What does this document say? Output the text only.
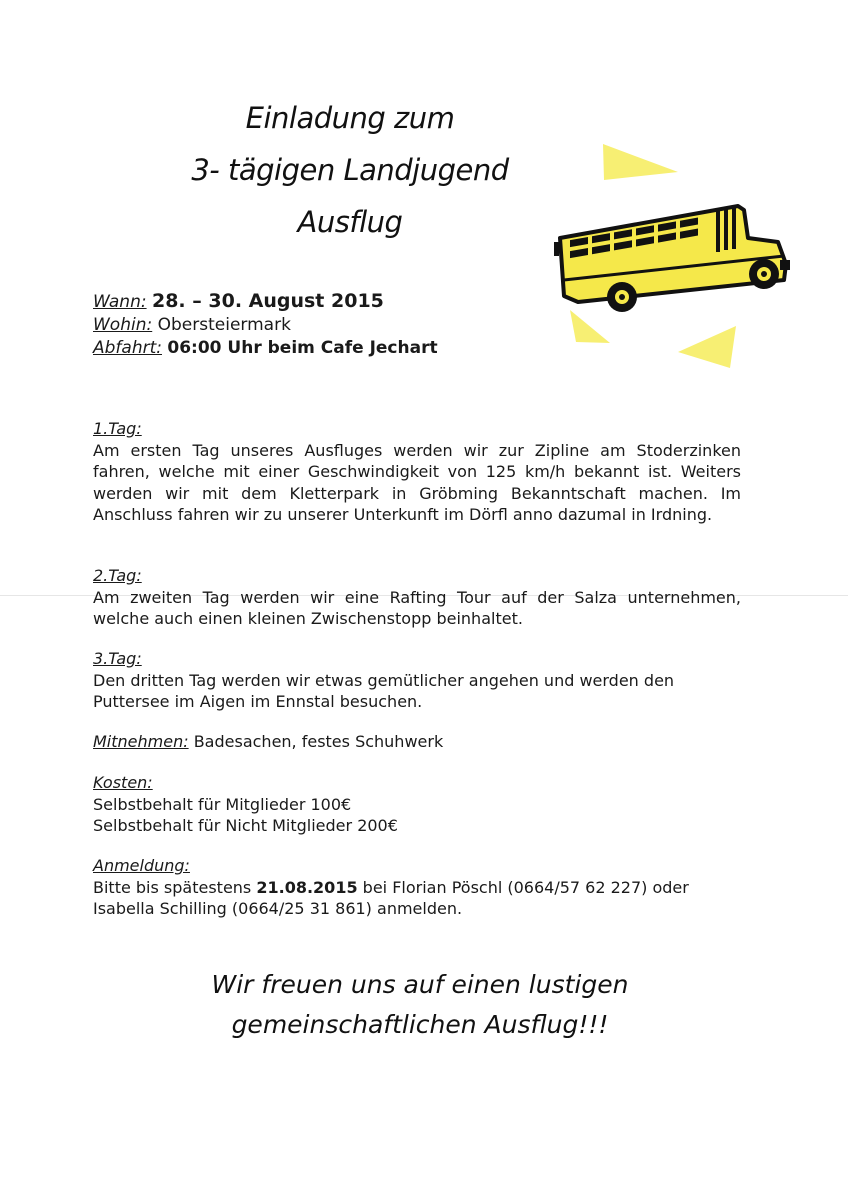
Einladung zum
3- tägigen Landjugend
Ausflug
Wann: 28. – 30. August 2015
Wohin: Obersteiermark
Abfahrt: 06:00 Uhr beim Cafe Jechart
1.Tag:
Am ersten Tag unseres Ausfluges werden wir zur Zipline am Stoderzinken fahren, welche mit einer Geschwindigkeit von 125 km/h bekannt ist. Weiters werden wir mit dem Kletterpark in Gröbming Bekanntschaft machen. Im Anschluss fahren wir zu unserer Unterkunft im Dörfl anno dazumal in Irdning.
2.Tag:
Am zweiten Tag werden wir eine Rafting Tour auf der Salza unternehmen, welche auch einen kleinen Zwischenstopp beinhaltet.
3.Tag:
Den dritten Tag werden wir etwas gemütlicher angehen und werden den Puttersee im Aigen im Ennstal besuchen.
Mitnehmen: Badesachen, festes Schuhwerk
Kosten:
Selbstbehalt für Mitglieder 100€
Selbstbehalt für Nicht Mitglieder 200€
Anmeldung:
Bitte bis spätestens 21.08.2015 bei Florian Pöschl (0664/57 62 227) oder Isabella Schilling (0664/25 31 861) anmelden.
Wir freuen uns auf einen lustigen
gemeinschaftlichen Ausflug!!!
